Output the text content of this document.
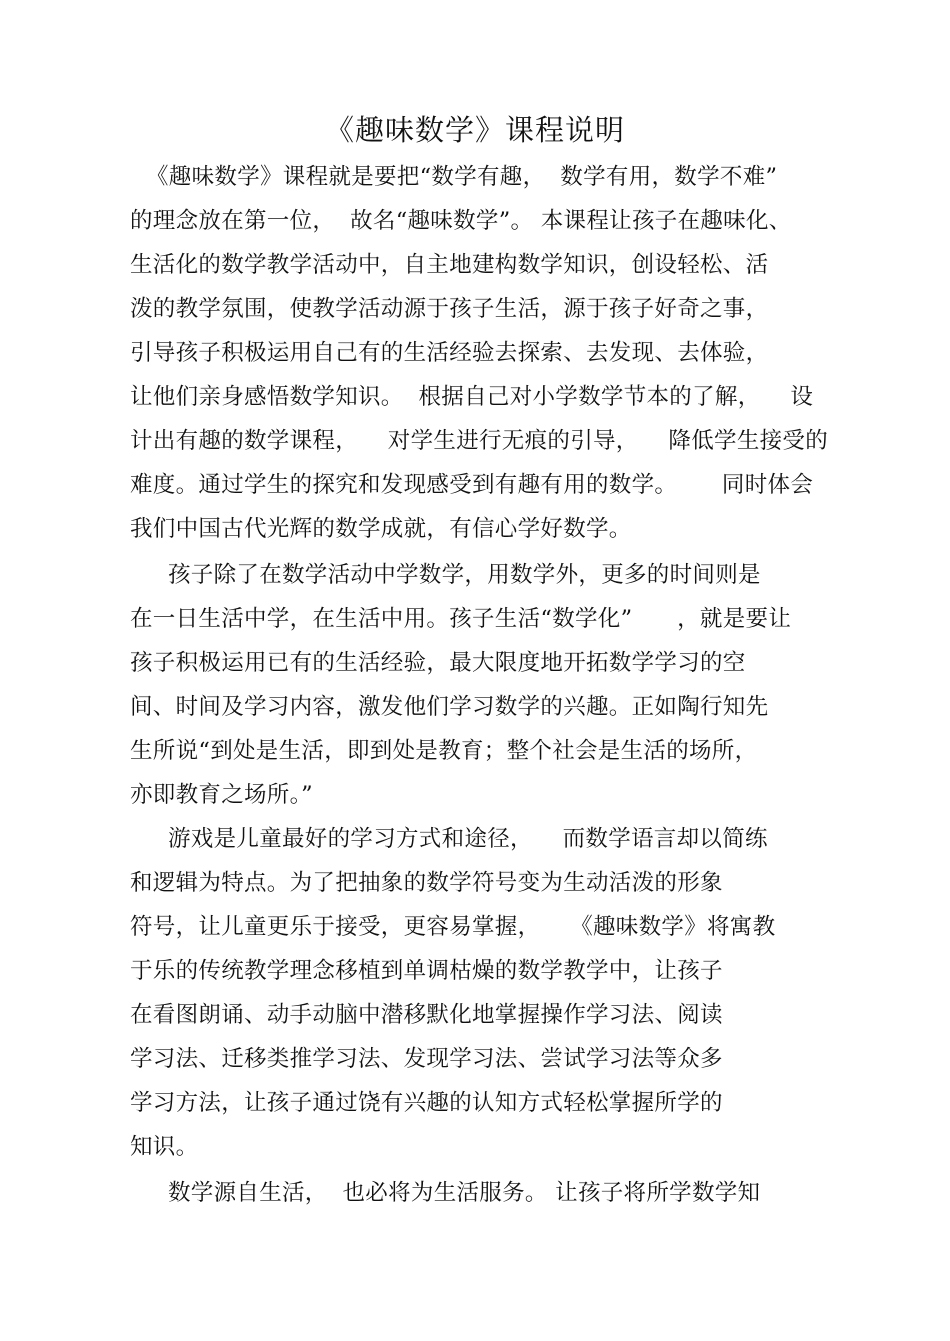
《趣味数学》课程说明
《趣味数学》课程就是要把“数学有趣，  数学有用，数学不难”
的理念放在第一位，  故名“趣味数学”。 本课程让孩子在趣味化、
生活化的数学教学活动中，自主地建构数学知识，创设轻松、活
泼的教学氛围，使教学活动源于孩子生活，源于孩子好奇之事，
引导孩子积极运用自己有的生活经验去探索、去发现、去体验，
让他们亲身感悟数学知识。  根据自己对小学数学节本的了解，    设
计出有趣的数学课程，    对学生进行无痕的引导，    降低学生接受的
难度。通过学生的探究和发现感受到有趣有用的数学。      同时体会
我们中国古代光辉的数学成就，有信心学好数学。
孩子除了在数学活动中学数学，用数学外，更多的时间则是
在一日生活中学，在生活中用。孩子生活“数学化”      ，就是要让
孩子积极运用已有的生活经验，最大限度地开拓数学学习的空
间、时间及学习内容，激发他们学习数学的兴趣。正如陶行知先
生所说“到处是生活，即到处是教育；整个社会是生活的场所，
亦即教育之场所。”
游戏是儿童最好的学习方式和途径，    而数学语言却以简练
和逻辑为特点。为了把抽象的数学符号变为生动活泼的形象
符号，让儿童更乐于接受，更容易掌握，    《趣味数学》将寓教
于乐的传统教学理念移植到单调枯燥的数学教学中，让孩子
在看图朗诵、动手动脑中潜移默化地掌握操作学习法、阅读
学习法、迁移类推学习法、发现学习法、尝试学习法等众多
学习方法，让孩子通过饶有兴趣的认知方式轻松掌握所学的
知识。
数学源自生活，  也必将为生活服务。 让孩子将所学数学知
